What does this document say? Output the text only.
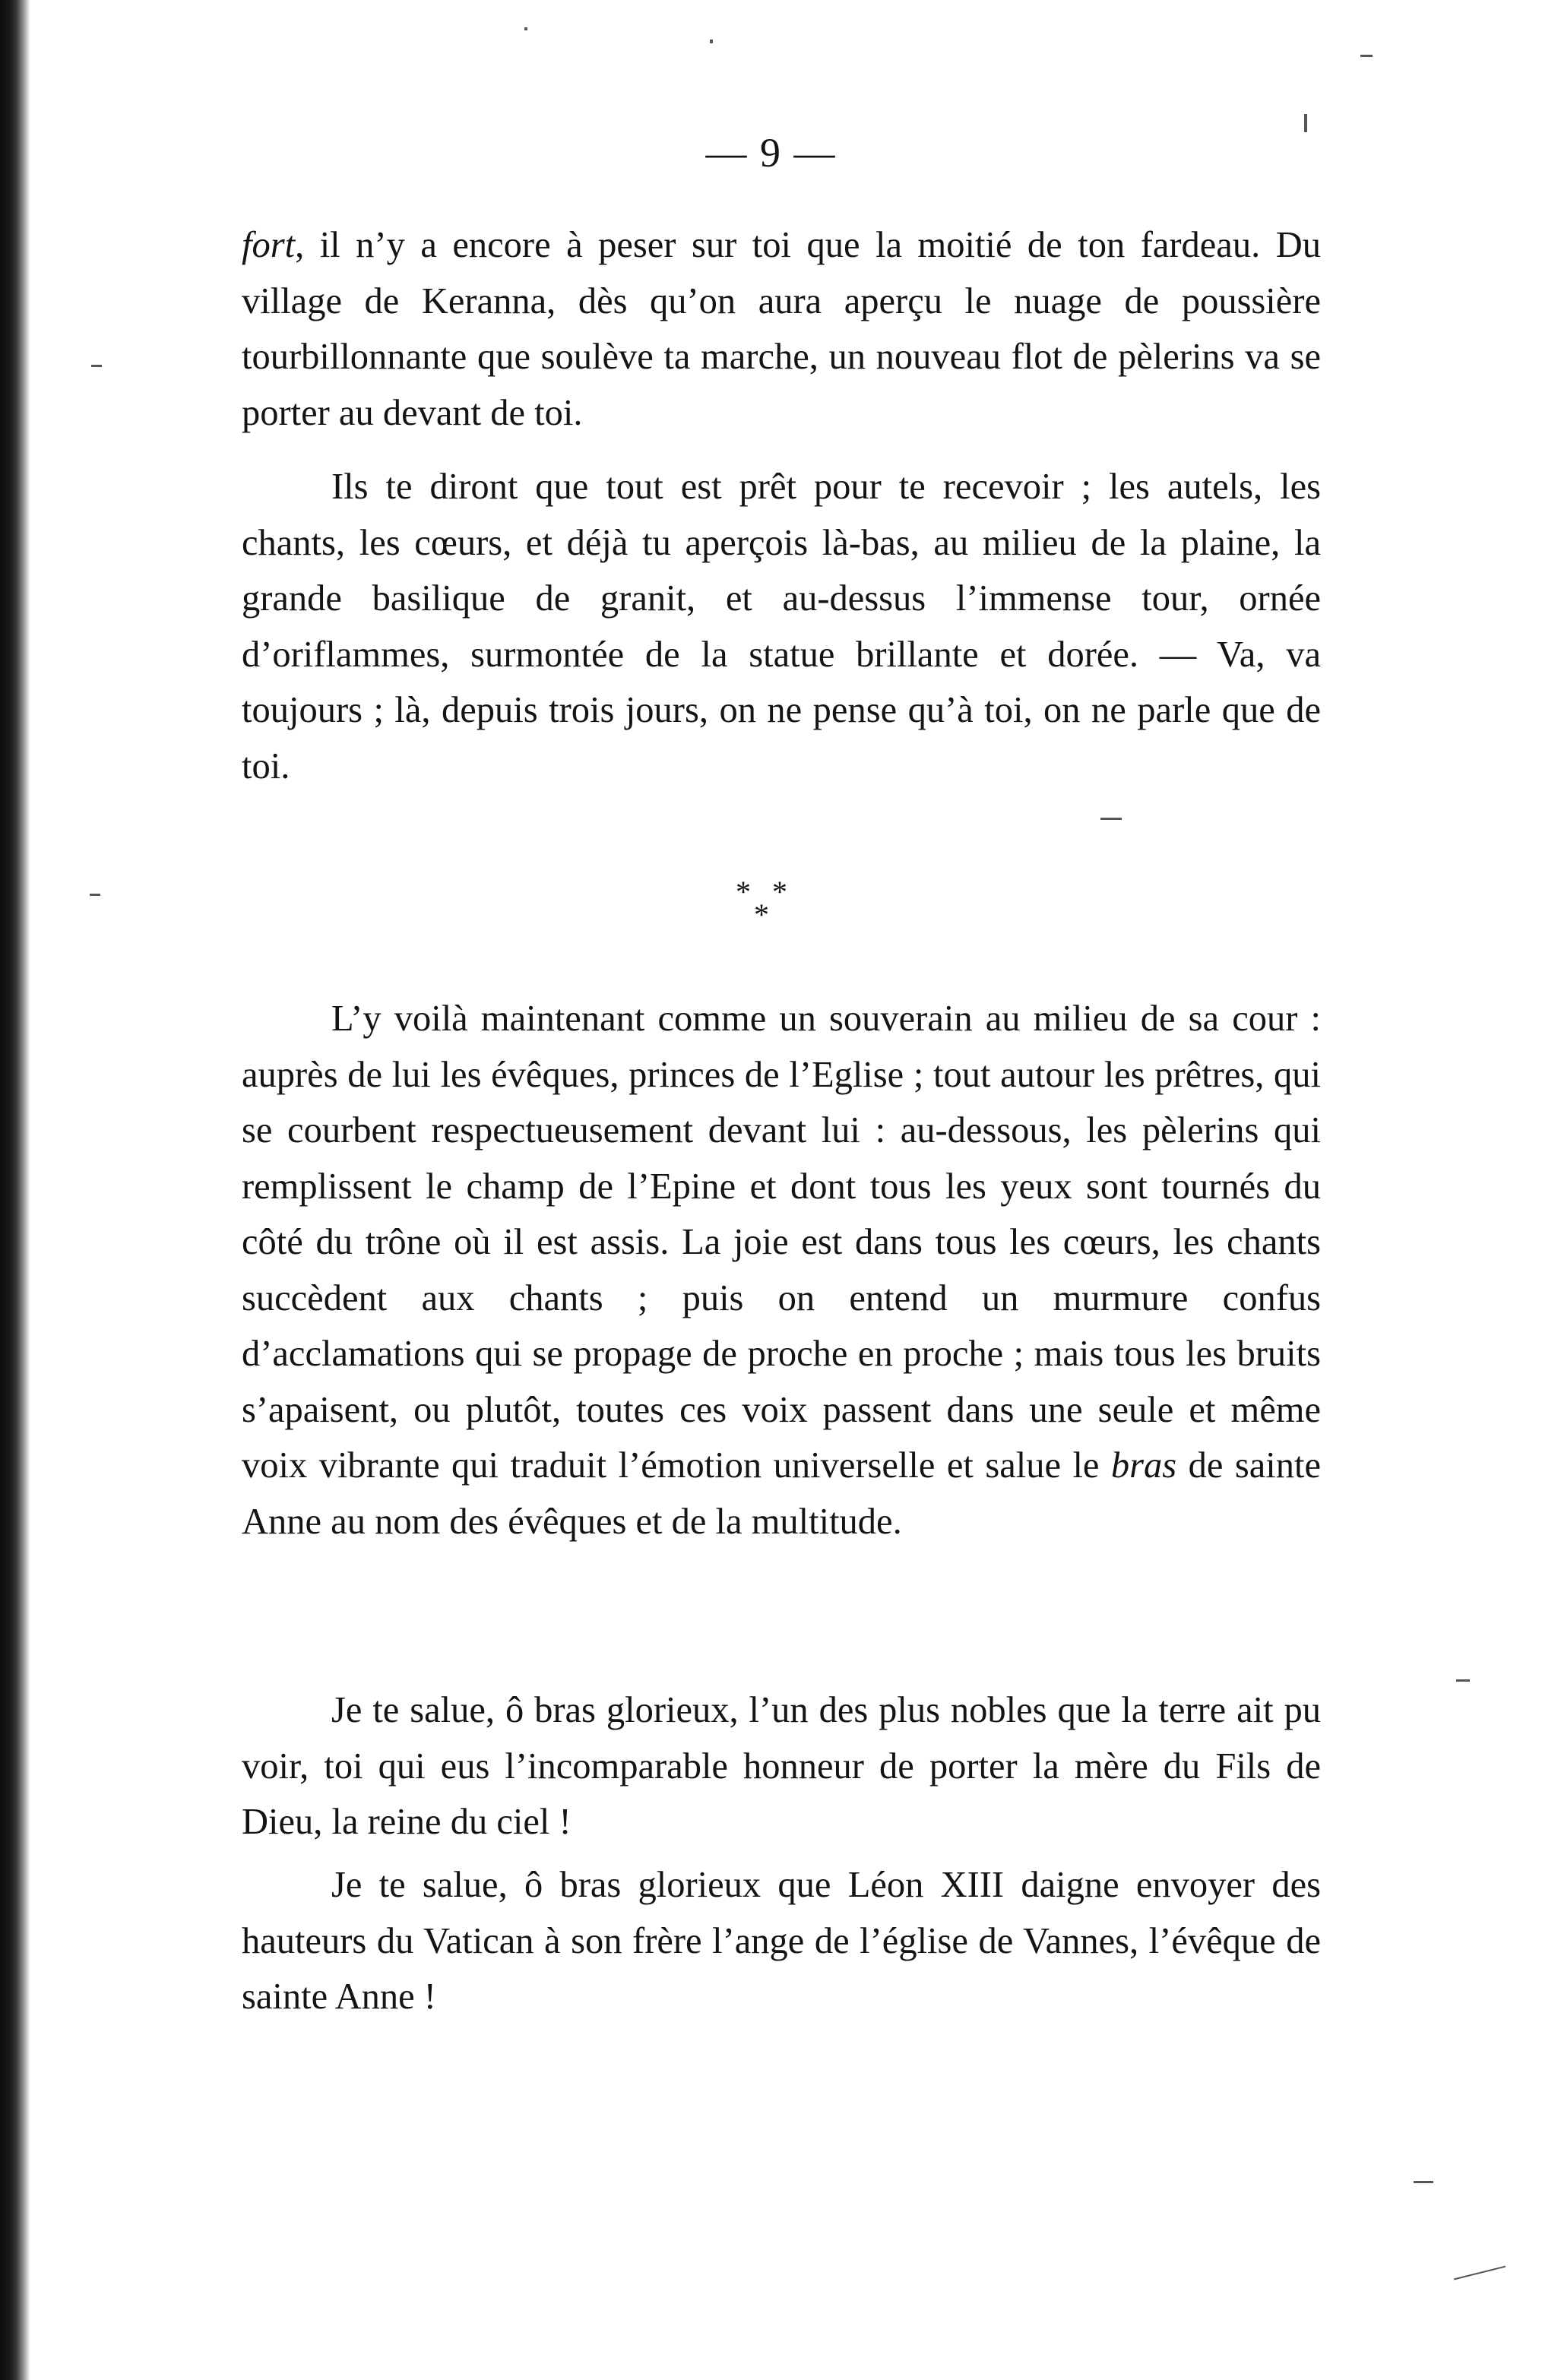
— 9 —

fort, il n’y a encore à peser sur toi que la moitié de ton fardeau. Du village de Keranna, dès qu’on aura aperçu le nuage de poussière tourbillonnante que soulève ta marche, un nouveau flot de pèlerins va se porter au devant de toi.

Ils te diront que tout est prêt pour te recevoir ; les autels, les chants, les cœurs, et déjà tu aperçois là-bas, au milieu de la plaine, la grande basilique de granit, et au-dessus l’immense tour, ornée d’oriflammes, surmontée de la statue brillante et dorée. — Va, va toujours ; là, depuis trois jours, on ne pense qu’à toi, on ne parle que de toi.

* *
*

L’y voilà maintenant comme un souverain au milieu de sa cour : auprès de lui les évêques, princes de l’Eglise ; tout autour les prêtres, qui se courbent respectueusement devant lui : au-dessous, les pèlerins qui remplissent le champ de l’Epine et dont tous les yeux sont tournés du côté du trône où il est assis. La joie est dans tous les cœurs, les chants succèdent aux chants ; puis on entend un murmure confus d’acclamations qui se propage de proche en proche ; mais tous les bruits s’apaisent, ou plutôt, toutes ces voix passent dans une seule et même voix vibrante qui traduit l’émotion universelle et salue le bras de sainte Anne au nom des évêques et de la multitude.

Je te salue, ô bras glorieux, l’un des plus nobles que la terre ait pu voir, toi qui eus l’incomparable honneur de porter la mère du Fils de Dieu, la reine du ciel !

Je te salue, ô bras glorieux que Léon XIII daigne envoyer des hauteurs du Vatican à son frère l’ange de l’église de Vannes, l’évêque de sainte Anne !
